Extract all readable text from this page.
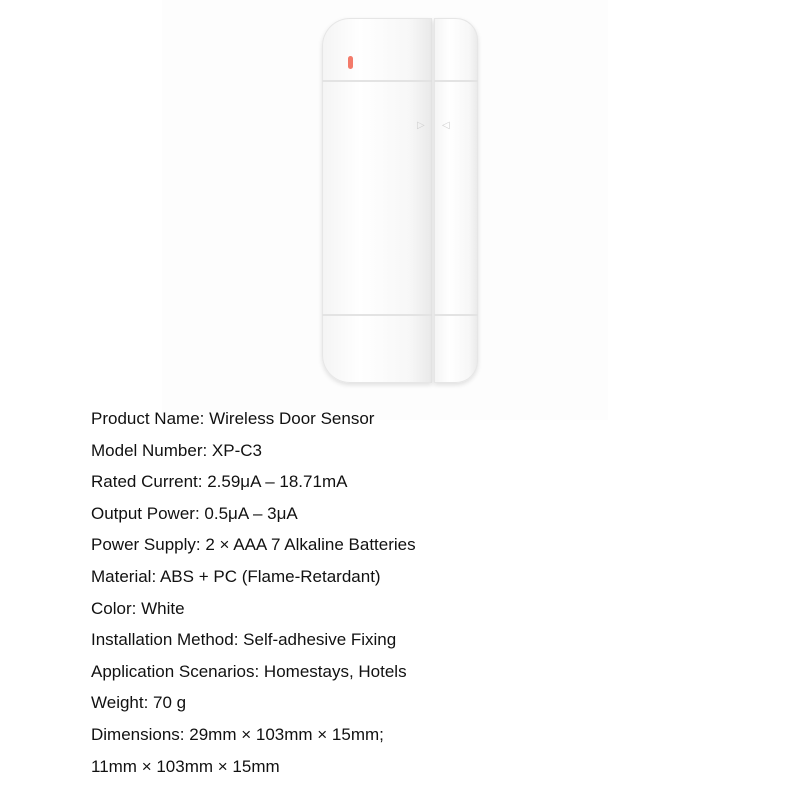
▷ ◁
Product Name: Wireless Door Sensor
Model Number: XP-C3
Rated Current: 2.59μA – 18.71mA
Output Power: 0.5μA – 3μA
Power Supply: 2 × AAA 7 Alkaline Batteries
Material: ABS + PC (Flame-Retardant)
Color: White
Installation Method: Self-adhesive Fixing
Application Scenarios: Homestays, Hotels
Weight: 70 g
Dimensions: 29mm × 103mm × 15mm;
11mm × 103mm × 15mm
